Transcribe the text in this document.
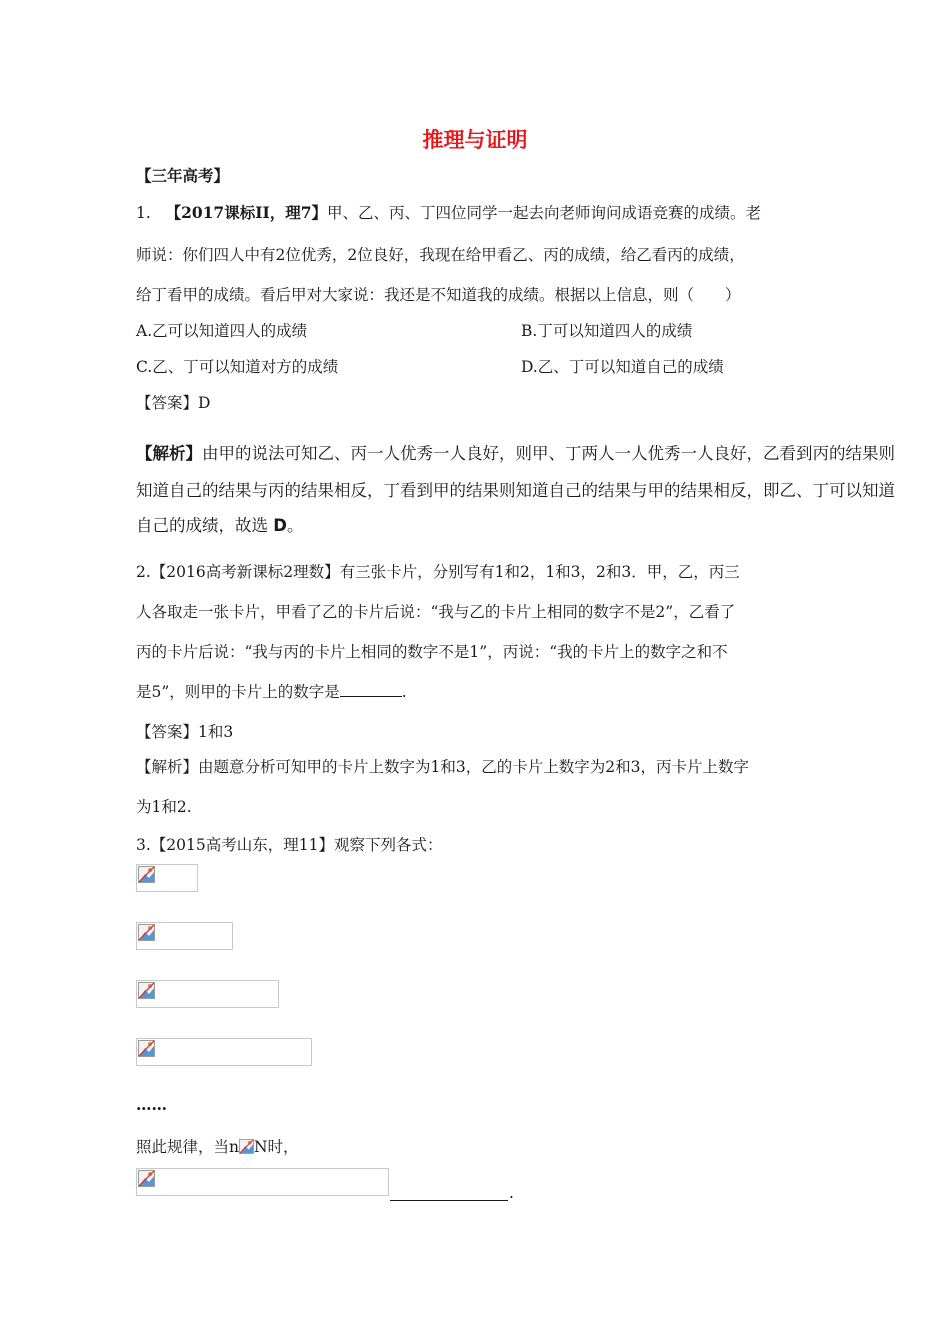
推理与证明
【三年高考】
1. 【2017课标II，理7】甲、乙、丙、丁四位同学一起去向老师询问成语竞赛的成绩。老
师说：你们四人中有2位优秀，2位良好，我现在给甲看乙、丙的成绩，给乙看丙的成绩，
给丁看甲的成绩。看后甲对大家说：我还是不知道我的成绩。根据以上信息，则（　　）
A.乙可以知道四人的成绩	B.丁可以知道四人的成绩
C.乙、丁可以知道对方的成绩	D.乙、丁可以知道自己的成绩
【答案】D
【解析】由甲的说法可知乙、丙一人优秀一人良好，则甲、丁两人一人优秀一人良好，乙看到丙的结果则
知道自己的结果与丙的结果相反，丁看到甲的结果则知道自己的结果与甲的结果相反，即乙、丁可以知道
自己的成绩，故选 D。
2.【2016高考新课标2理数】有三张卡片，分别写有1和2，1和3，2和3．甲，乙，丙三
人各取走一张卡片，甲看了乙的卡片后说：“我与乙的卡片上相同的数字不是2”，乙看了
丙的卡片后说：“我与丙的卡片上相同的数字不是1”，丙说：“我的卡片上的数字之和不
是5”，则甲的卡片上的数字是	.
【答案】1和3
【解析】由题意分析可知甲的卡片上数字为1和3，乙的卡片上数字为2和3，丙卡片上数字
为1和2.
3.【2015高考山东，理11】观察下列各式：
……
照此规律，当n N时，
.
